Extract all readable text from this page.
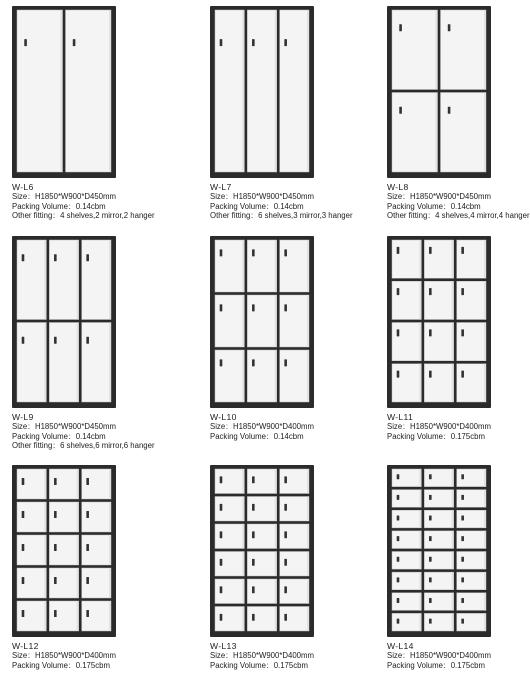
W-L6
Size：H1850*W900*D450mm
Packing Volume：0.14cbm
Other fitting：4 shelves,2 mirror,2 hanger
W-L7
Size：H1850*W900*D450mm
Packing Volume：0.14cbm
Other fitting：6 shelves,3 mirror,3 hanger
W-L8
Size：H1850*W900*D450mm
Packing Volume：0.14cbm
Other fitting：4 shelves,4 mirror,4 hanger
W-L9
Size：H1850*W900*D450mm
Packing Volume：0.14cbm
Other fitting：6 shelves,6 mirror,6 hanger
W-L10
Size：H1850*W900*D400mm
Packing Volume：0.14cbm
W-L11
Size：H1850*W900*D400mm
Packing Volume：0.175cbm
W-L12
Size：H1850*W900*D400mm
Packing Volume：0.175cbm
W-L13
Size：H1850*W900*D400mm
Packing Volume：0.175cbm
W-L14
Size：H1850*W900*D400mm
Packing Volume：0.175cbm
